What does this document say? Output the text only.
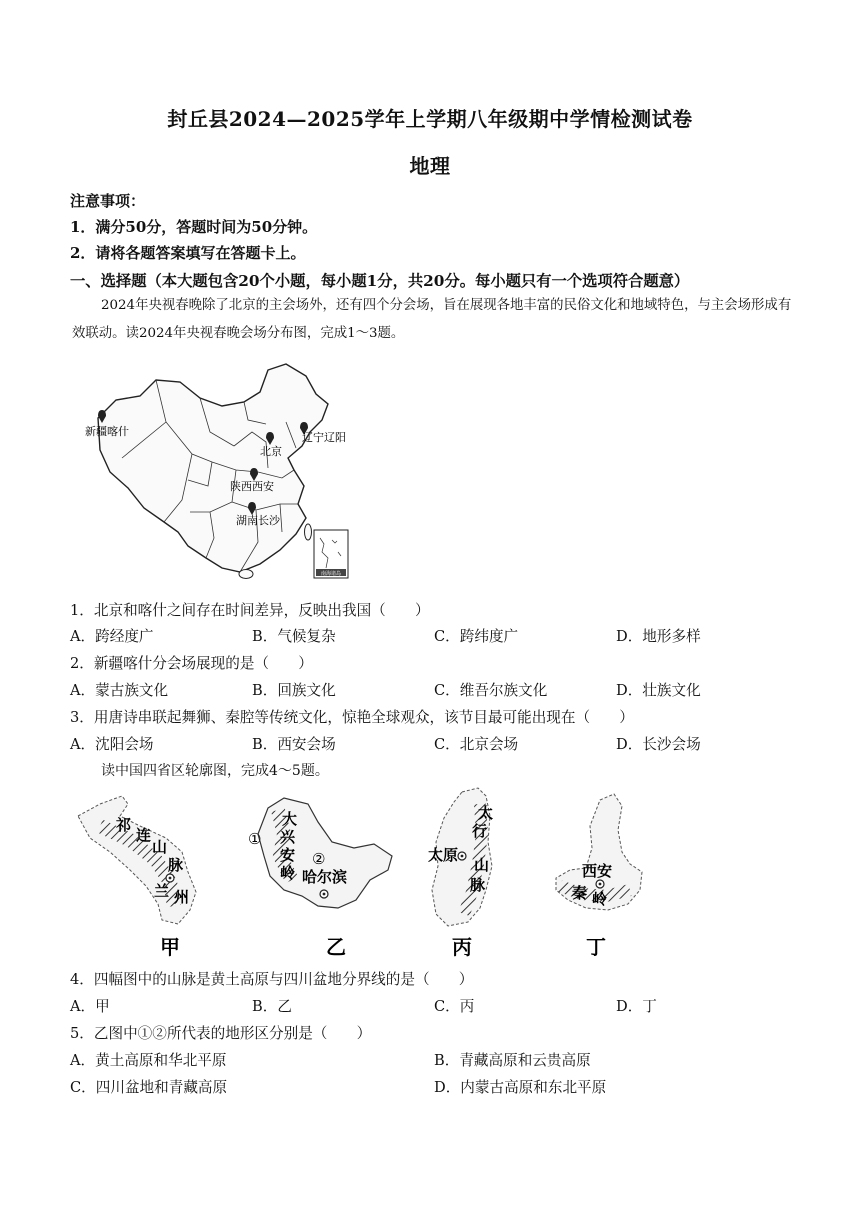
封丘县2024—2025学年上学期八年级期中学情检测试卷
地理
注意事项：
1．满分50分，答题时间为50分钟。
2．请将各题答案填写在答题卡上。
一、选择题（本大题包含20个小题，每小题1分，共20分。每小题只有一个选项符合题意）
2024年央视春晚除了北京的主会场外，还有四个分会场，旨在展现各地丰富的民俗文化和地域特色，与主会场形成有效联动。读2024年央视春晚会场分布图，完成1～3题。
新疆喀什	辽宁辽阳
北京
陕西西安
湖南长沙
南海诸岛
1．北京和喀什之间存在时间差异，反映出我国（　　）
A．跨经度广	B．气候复杂	C．跨纬度广	D．地形多样
2．新疆喀什分会场展现的是（　　）
A．蒙古族文化	B．回族文化	C．维吾尔族文化	D．壮族文化
3．用唐诗串联起舞狮、秦腔等传统文化，惊艳全球观众，该节目最可能出现在（　　）
A．沈阳会场	B．西安会场	C．北京会场	D．长沙会场
读中国四省区轮廓图，完成4～5题。
祁
连
山
脉
兰 州
甲
大
兴
安
岭 哈尔滨
①
②
乙
太
行
山
脉
太原
丙
西安
秦 岭
丁
4．四幅图中的山脉是黄土高原与四川盆地分界线的是（　　）
A．甲	B．乙	C．丙	D．丁
5．乙图中①②所代表的地形区分别是（　　）
A．黄土高原和华北平原	B．青藏高原和云贵高原
C．四川盆地和青藏高原	D．内蒙古高原和东北平原
